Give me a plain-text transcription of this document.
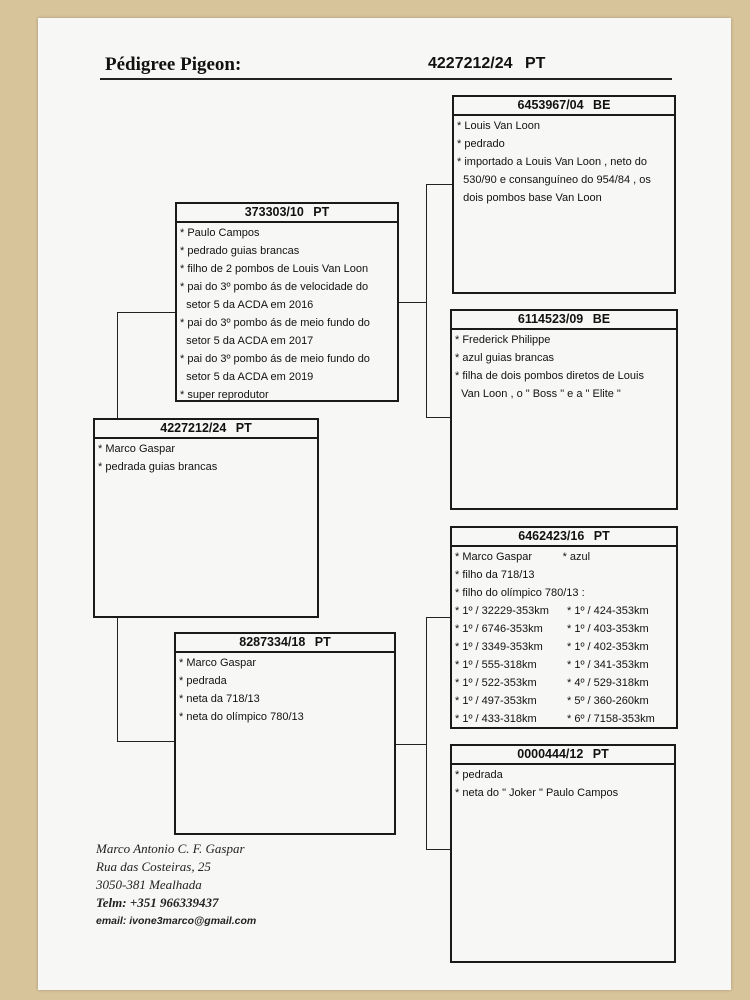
Pédigree Pigeon:	4227212/24 PT
4227212/24 PT
* Marco Gaspar
* pedrada guias brancas
373303/10 PT
* Paulo Campos
* pedrado guias brancas
* filho de 2 pombos de Louis Van Loon
* pai do 3º pombo ás de velocidade do
setor 5 da ACDA em 2016
* pai do 3º pombo ás de meio fundo do
setor 5 da ACDA em 2017
* pai do 3º pombo ás de meio fundo do
setor 5 da ACDA em 2019
* super reprodutor
8287334/18 PT
* Marco Gaspar
* pedrada
* neta da 718/13
* neta do olímpico 780/13
6453967/04 BE
* Louis Van Loon
* pedrado
* importado a Louis Van Loon , neto do
530/90 e consanguíneo do 954/84 , os
dois pombos base Van Loon
6114523/09 BE
* Frederick Philippe
* azul guias brancas
* filha de dois pombos diretos de Louis
Van Loon , o " Boss " e a " Elite "
6462423/16 PT
* Marco Gaspar          * azul
* filho da 718/13
* filho do olímpico 780/13 :
* 1º / 32229-353km
* 1º / 6746-353km
* 1º / 3349-353km
* 1º / 555-318km
* 1º / 522-353km
* 1º / 497-353km
* 1º / 433-318km
* 1º / 424-353km
* 1º / 403-353km
* 1º / 402-353km
* 1º / 341-353km
* 4º / 529-318km
* 5º / 360-260km
* 6º / 7158-353km
0000444/12 PT
* pedrada
* neta do " Joker " Paulo Campos
Marco Antonio C. F. Gaspar
Rua das Costeiras, 25
3050-381 Mealhada
Telm: +351 966339437
email: ivone3marco@gmail.com
